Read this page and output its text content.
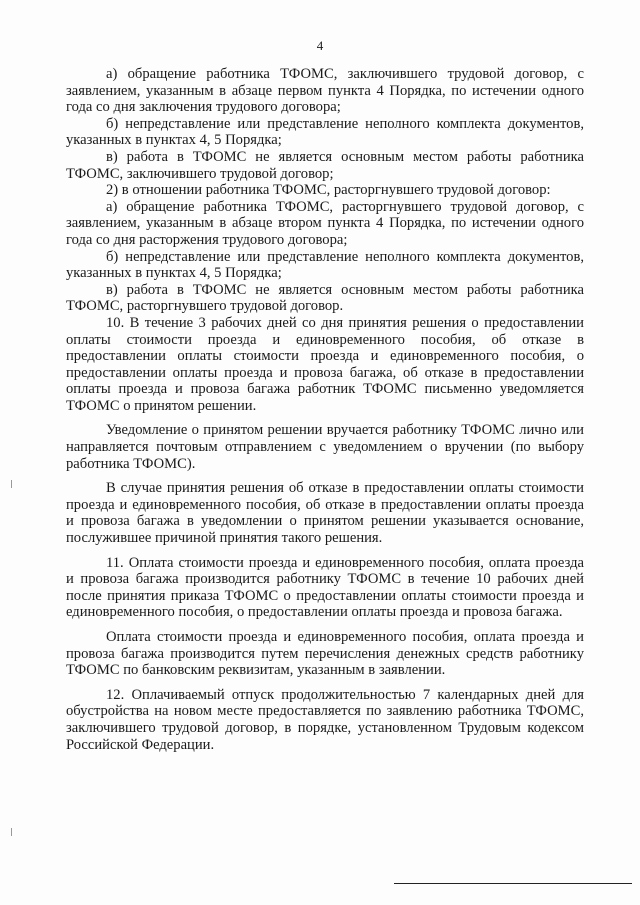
4

а) обращение работника ТФОМС, заключившего трудовой договор, с заявлением, указанным в абзаце первом пункта 4 Порядка, по истечении одного года со дня заключения трудового договора;

б) непредставление или представление неполного комплекта документов, указанных в пунктах 4, 5 Порядка;

в) работа в ТФОМС не является основным местом работы работника ТФОМС, заключившего трудовой договор;

2) в отношении работника ТФОМС, расторгнувшего трудовой договор:

а) обращение работника ТФОМС, расторгнувшего трудовой договор, с заявлением, указанным в абзаце втором пункта 4 Порядка, по истечении одного года со дня расторжения трудового договора;

б) непредставление или представление неполного комплекта документов, указанных в пунктах 4, 5 Порядка;

в) работа в ТФОМС не является основным местом работы работника ТФОМС, расторгнувшего трудовой договор.

10. В течение 3 рабочих дней со дня принятия решения о предоставлении оплаты стоимости проезда и единовременного пособия, об отказе в предоставлении оплаты стоимости проезда и единовременного пособия, о предоставлении оплаты проезда и провоза багажа, об отказе в предоставлении оплаты проезда и провоза багажа работник ТФОМС письменно уведомляется ТФОМС о принятом решении.

Уведомление о принятом решении вручается работнику ТФОМС лично или направляется почтовым отправлением с уведомлением о вручении (по выбору работника ТФОМС).

В случае принятия решения об отказе в предоставлении оплаты стоимости проезда и единовременного пособия, об отказе в предоставлении оплаты проезда и провоза багажа в уведомлении о принятом решении указывается основание, послужившее причиной принятия такого решения.

11. Оплата стоимости проезда и единовременного пособия, оплата проезда и провоза багажа производится работнику ТФОМС в течение 10 рабочих дней после принятия приказа ТФОМС о предоставлении оплаты стоимости проезда и единовременного пособия, о предоставлении оплаты проезда и провоза багажа.

Оплата стоимости проезда и единовременного пособия, оплата проезда и провоза багажа производится путем перечисления денежных средств работнику ТФОМС по банковским реквизитам, указанным в заявлении.

12. Оплачиваемый отпуск продолжительностью 7 календарных дней для обустройства на новом месте предоставляется по заявлению работника ТФОМС, заключившего трудовой договор, в порядке, установленном Трудовым кодексом Российской Федерации.
